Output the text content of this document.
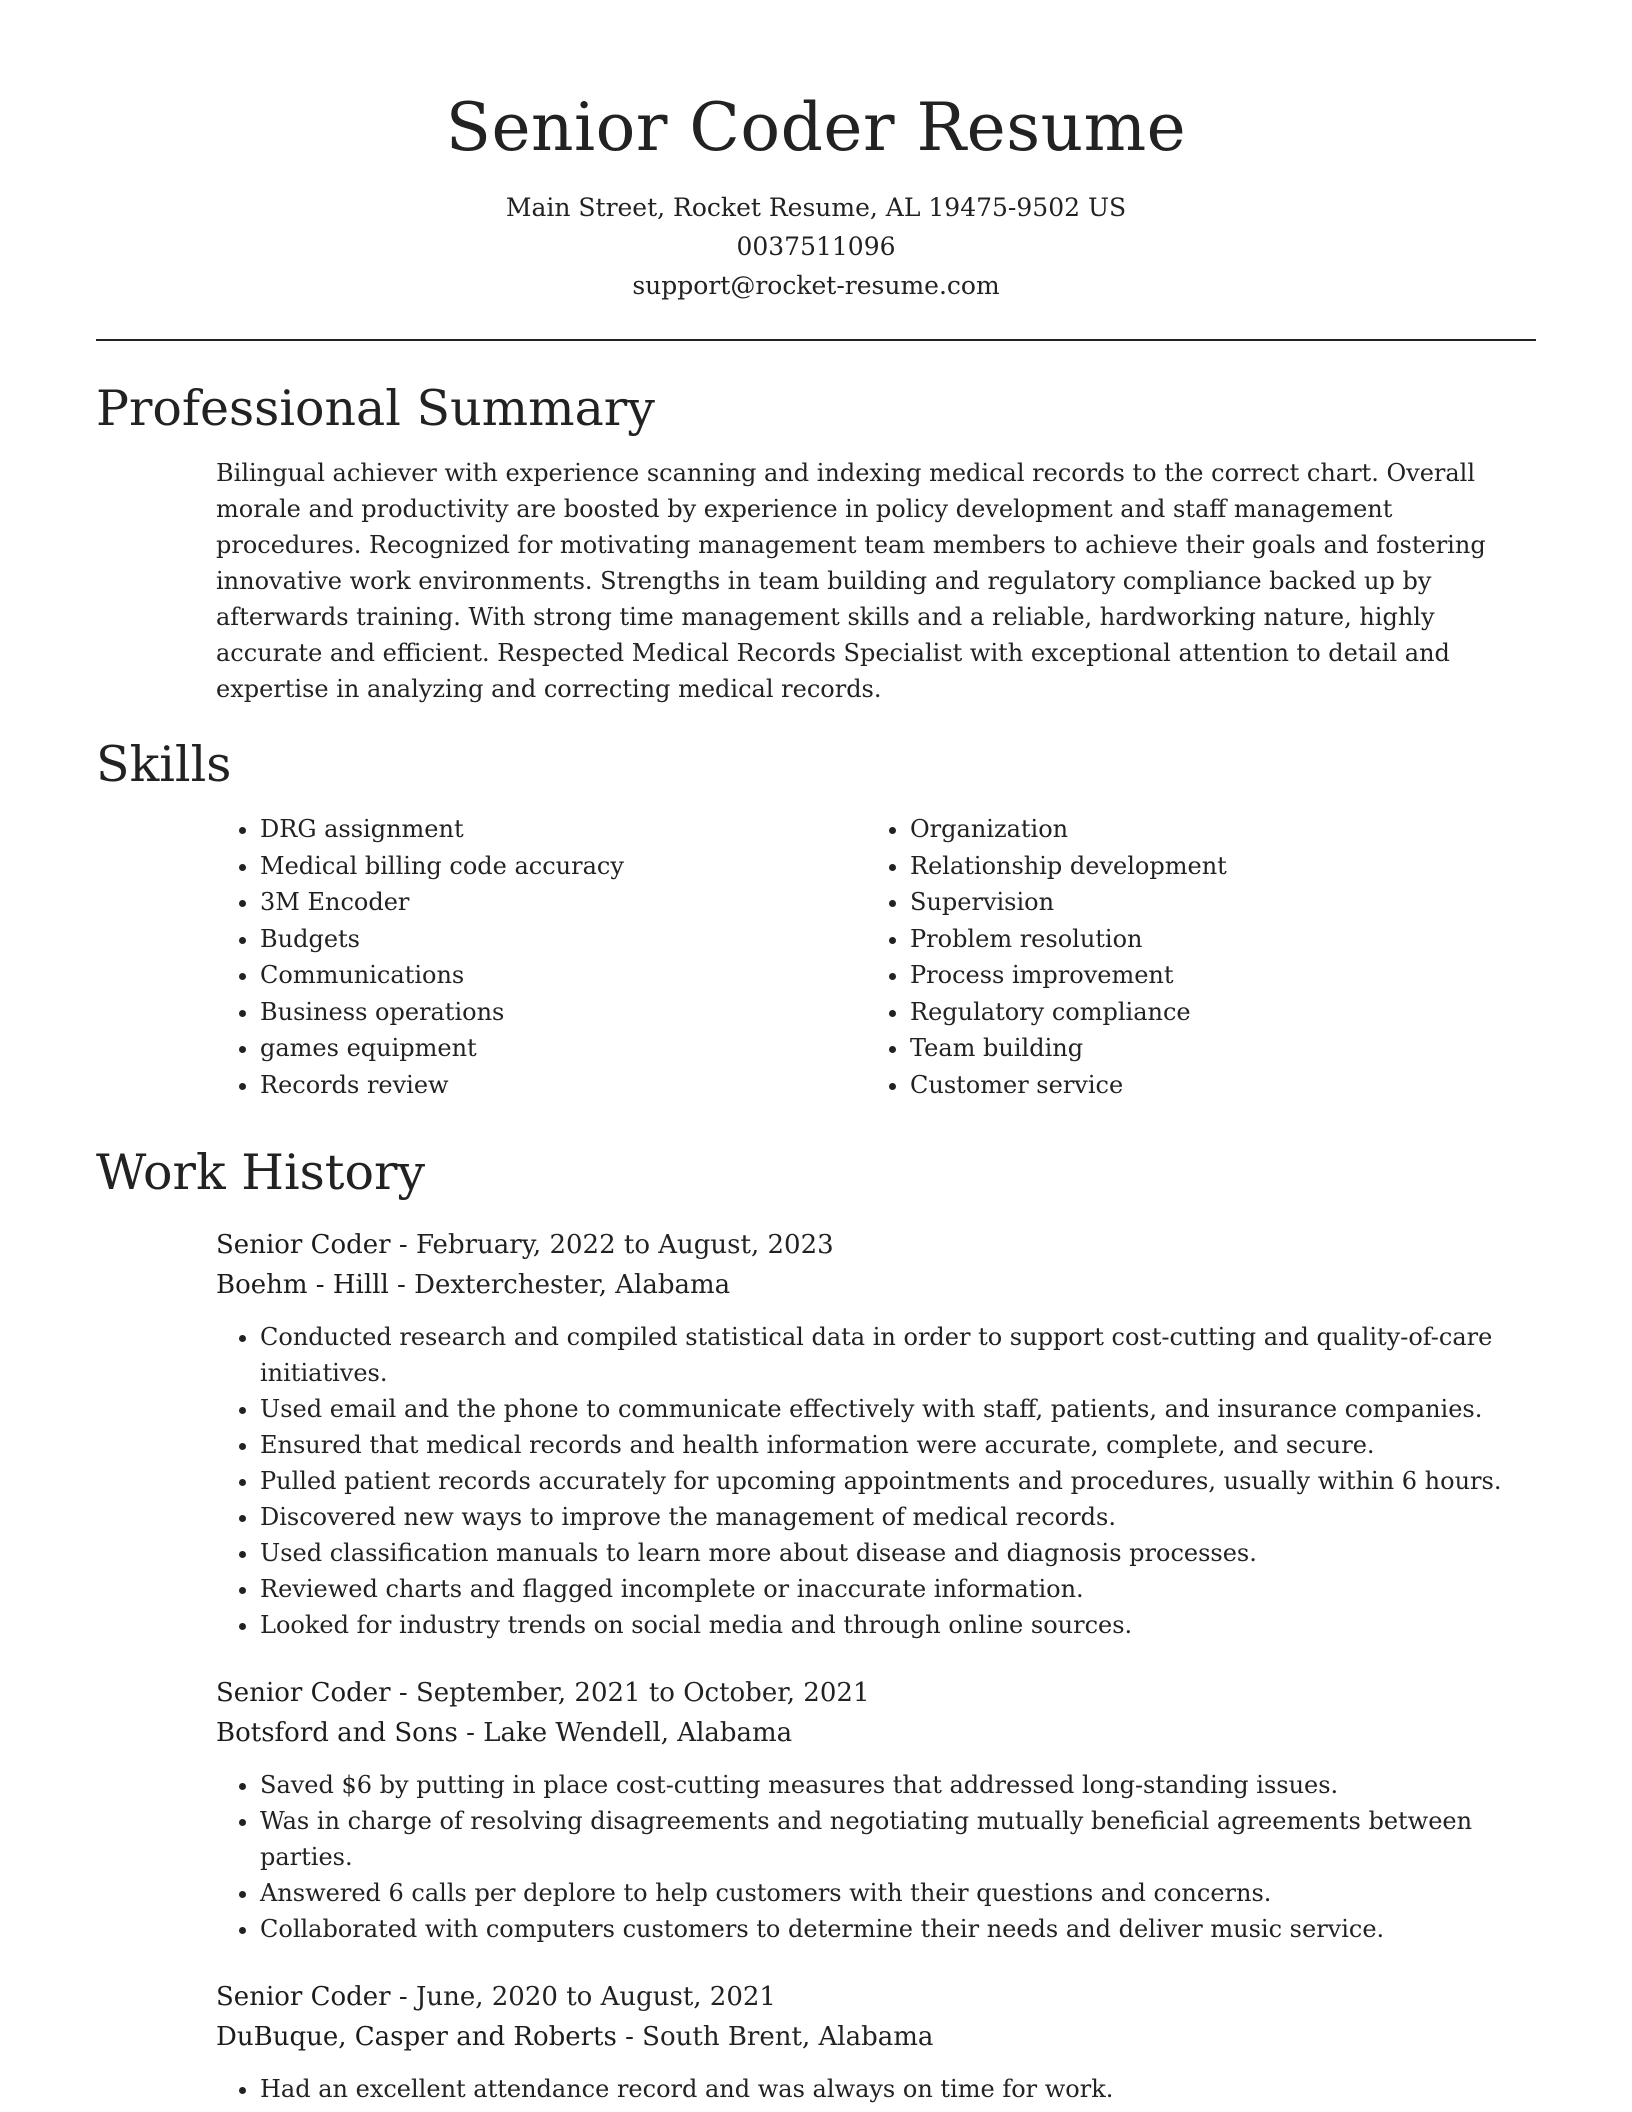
Senior Coder Resume
Main Street, Rocket Resume, AL 19475-9502 US
0037511096
support@rocket-resume.com
Professional Summary

Bilingual achiever with experience scanning and indexing medical records to the correct chart. Overall morale and productivity are boosted by experience in policy development and staff management procedures. Recognized for motivating management team members to achieve their goals and fostering innovative work environments. Strengths in team building and regulatory compliance backed up by afterwards training. With strong time management skills and a reliable, hardworking nature, highly accurate and efficient. Respected Medical Records Specialist with exceptional attention to detail and expertise in analyzing and correcting medical records.

Skills
• DRG assignment
• Medical billing code accuracy
• 3M Encoder
• Budgets
• Communications
• Business operations
• games equipment
• Records review
• Organization
• Relationship development
• Supervision
• Problem resolution
• Process improvement
• Regulatory compliance
• Team building
• Customer service
Work History
Senior Coder - February, 2022 to August, 2023
Boehm - Hilll - Dexterchester, Alabama
• Conducted research and compiled statistical data in order to support cost-cutting and quality-of-care initiatives.
• Used email and the phone to communicate effectively with staff, patients, and insurance companies.
• Ensured that medical records and health information were accurate, complete, and secure.
• Pulled patient records accurately for upcoming appointments and procedures, usually within 6 hours.
• Discovered new ways to improve the management of medical records.
• Used classification manuals to learn more about disease and diagnosis processes.
• Reviewed charts and flagged incomplete or inaccurate information.
• Looked for industry trends on social media and through online sources.
Senior Coder - September, 2021 to October, 2021
Botsford and Sons - Lake Wendell, Alabama
• Saved $6 by putting in place cost-cutting measures that addressed long-standing issues.
• Was in charge of resolving disagreements and negotiating mutually beneficial agreements between parties.
• Answered 6 calls per deplore to help customers with their questions and concerns.
• Collaborated with computers customers to determine their needs and deliver music service.
Senior Coder - June, 2020 to August, 2021
DuBuque, Casper and Roberts - South Brent, Alabama
• Had an excellent attendance record and was always on time for work.
